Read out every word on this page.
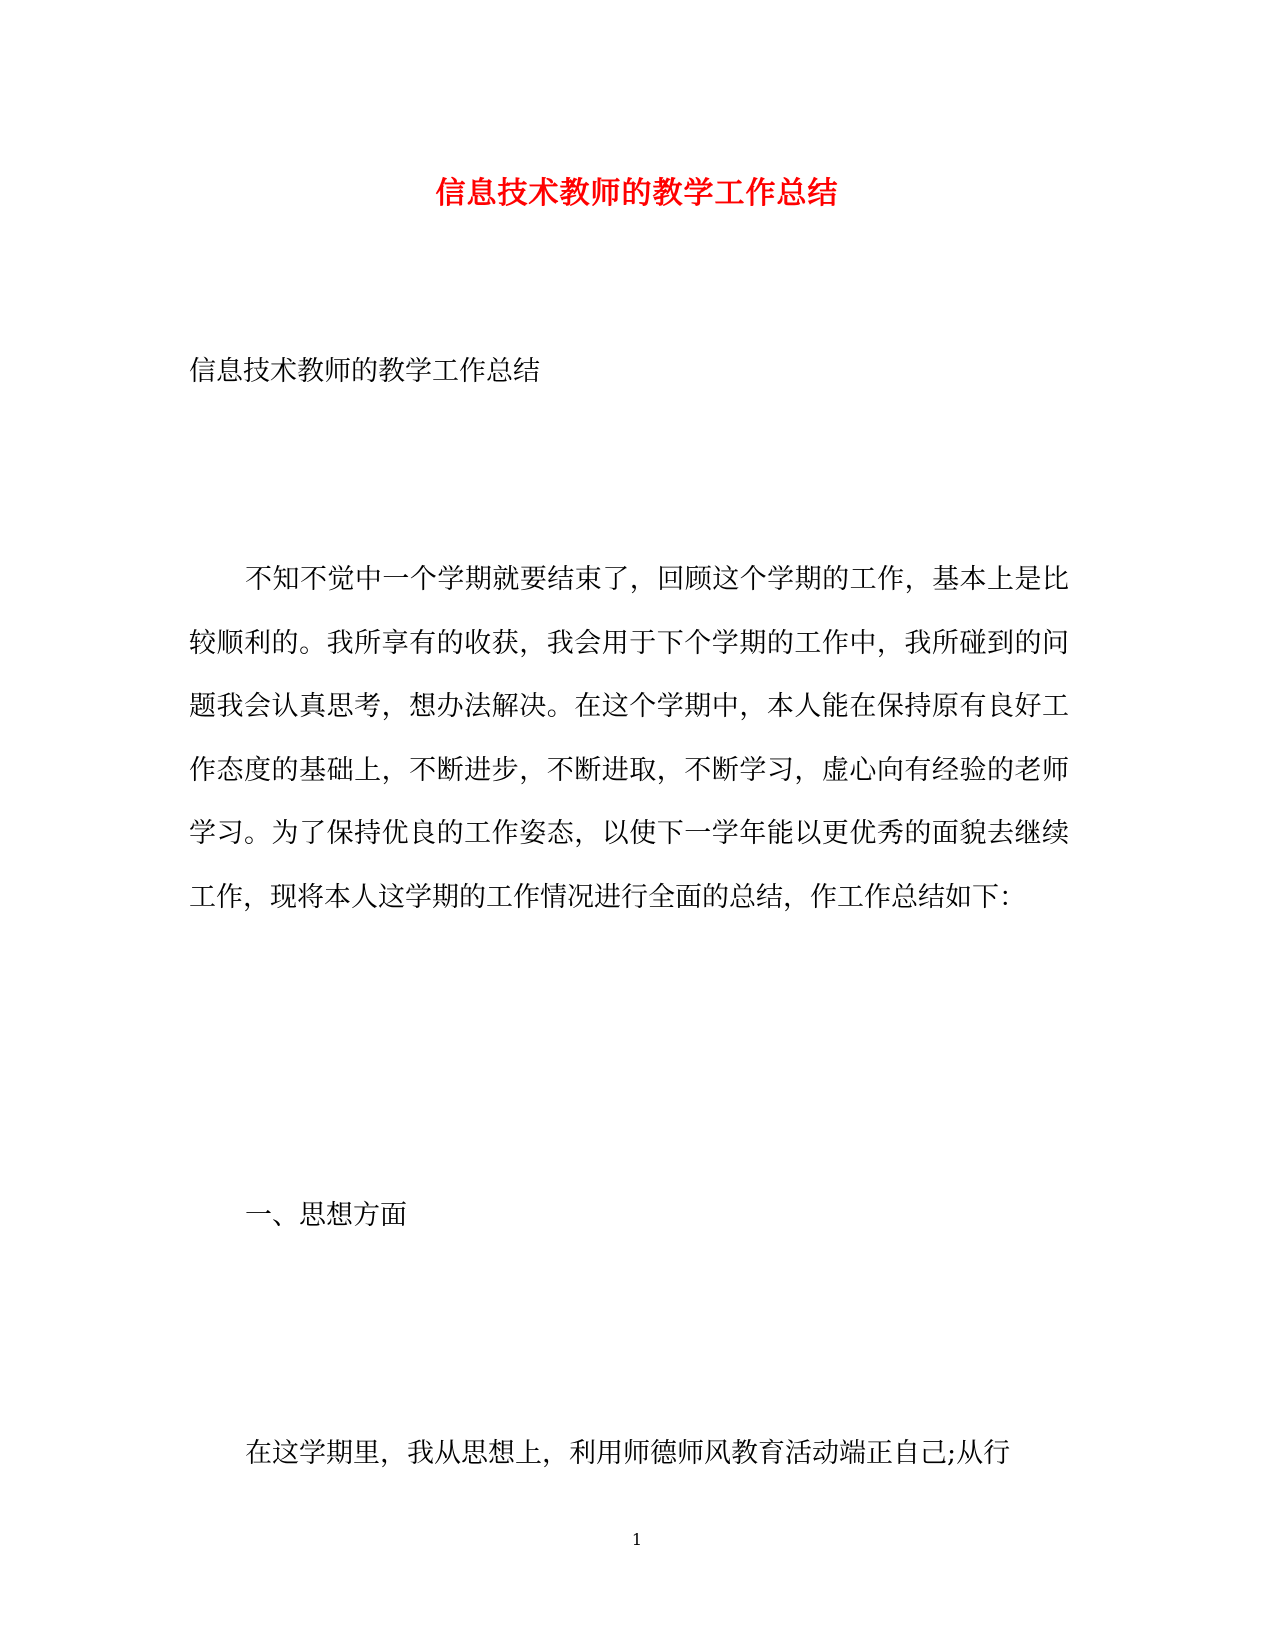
信息技术教师的教学工作总结
信息技术教师的教学工作总结

不知不觉中一个学期就要结束了，回顾这个学期的工作，基本上是比较顺利的。我所享有的收获，我会用于下个学期的工作中，我所碰到的问题我会认真思考，想办法解决。在这个学期中，本人能在保持原有良好工作态度的基础上，不断进步，不断进取，不断学习，虚心向有经验的老师学习。为了保持优良的工作姿态，以使下一学年能以更优秀的面貌去继续工作，现将本人这学期的工作情况进行全面的总结，作工作总结如下：

一、思想方面

在这学期里，我从思想上，利用师德师风教育活动端正自己;从行

1
